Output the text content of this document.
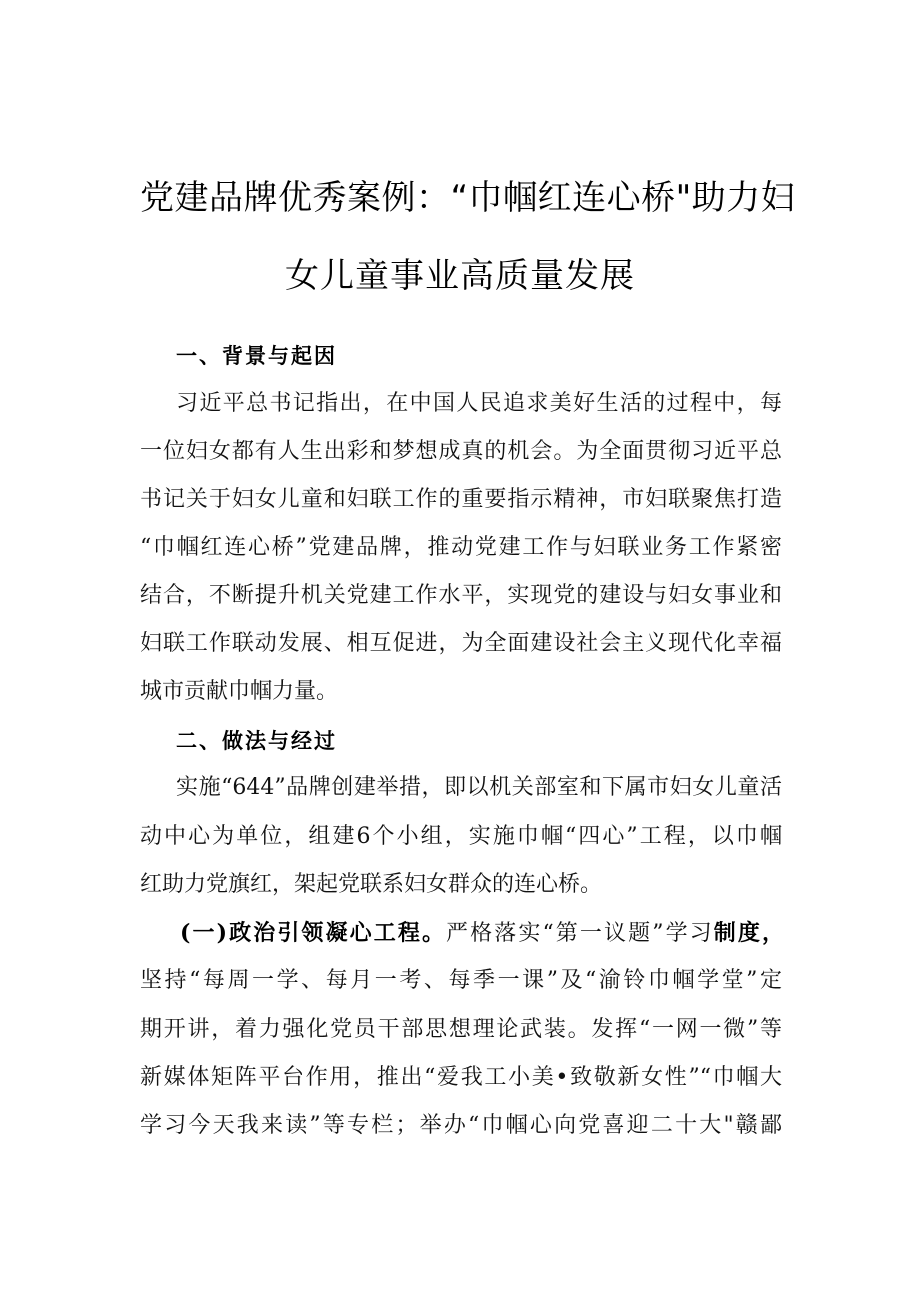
党建品牌优秀案例：“巾帼红连心桥"助力妇
女儿童事业高质量发展
一、背景与起因
习近平总书记指出，在中国人民追求美好生活的过程中，每
一位妇女都有人生出彩和梦想成真的机会。为全面贯彻习近平总
书记关于妇女儿童和妇联工作的重要指示精神，市妇联聚焦打造
“巾帼红连心桥”党建品牌，推动党建工作与妇联业务工作紧密
结合，不断提升机关党建工作水平，实现党的建设与妇女事业和
妇联工作联动发展、相互促进，为全面建设社会主义现代化幸福
城市贡献巾帼力量。
二、做法与经过
实施“644”品牌创建举措，即以机关部室和下属市妇女儿童活
动中心为单位，组建6个小组，实施巾帼“四心”工程，以巾帼
红助力党旗红，架起党联系妇女群众的连心桥。
(一)政治引领凝心工程。严格落实“第一议题”学习制度，
坚持“每周一学、每月一考、每季一课”及“渝铃巾帼学堂”定
期开讲，着力强化党员干部思想理论武装。发挥“一网一微”等
新媒体矩阵平台作用，推出“爱我工小美•致敬新女性”“巾帼大
学习今天我来读”等专栏；举办“巾帼心向党喜迎二十大"赣鄙
